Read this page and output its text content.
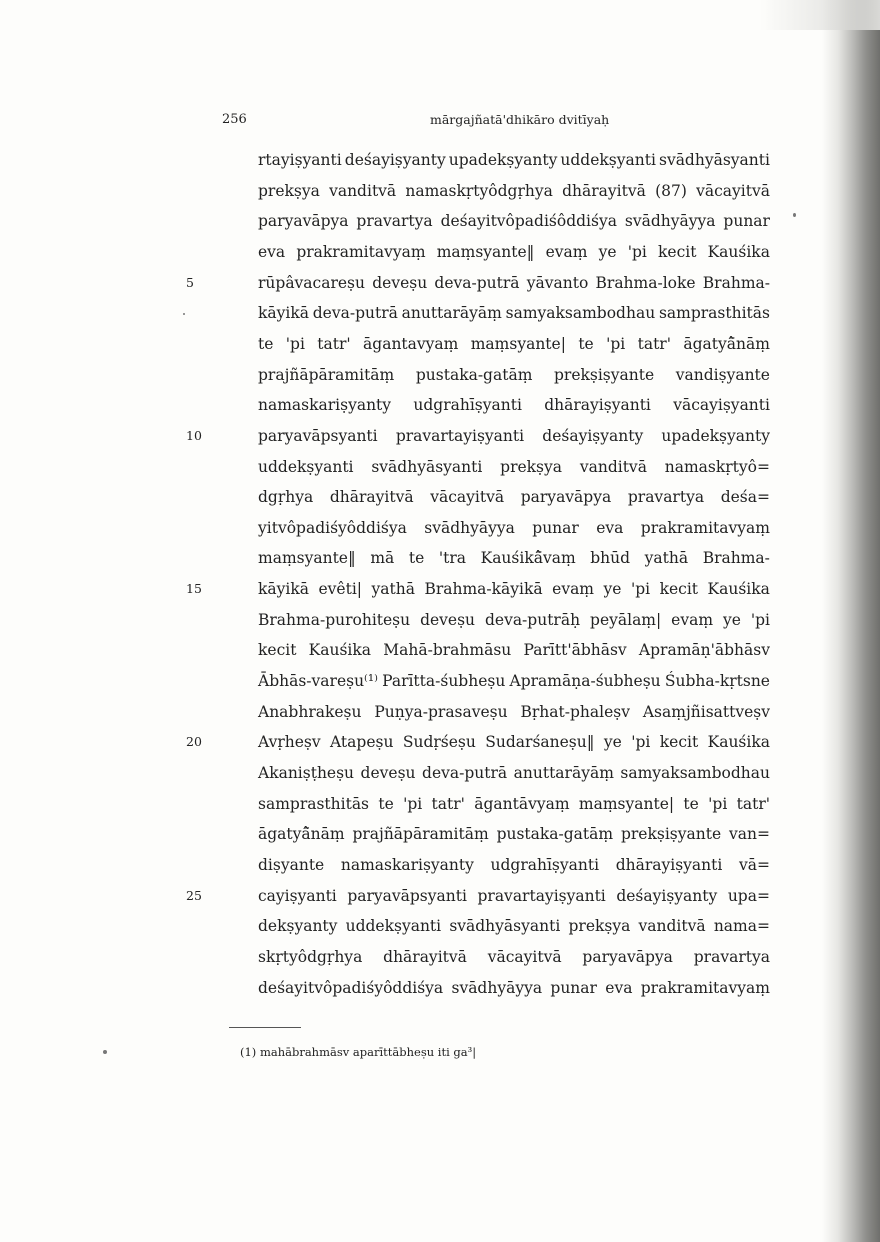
256	mārgajñatā'dhikāro dvitīyaḥ
rtayiṣyanti deśayiṣyanty upadekṣyanty uddekṣyanti svādhyāsyanti
prekṣya vanditvā namaskṛtyôdgṛhya dhārayitvā (87) vācayitvā
paryavāpya pravartya deśayitvôpadiśôddiśya svādhyāyya punar
eva prakramitavyaṃ maṃsyante‖ evaṃ ye 'pi kecit Kauśika
rūpâvacareṣu deveṣu deva-putrā yāvanto Brahma-loke Brahma-
kāyikā deva-putrā anuttarāyāṃ samyaksambodhau samprasthitās
te 'pi tatr' āgantavyaṃ maṃsyante| te 'pi tatr' āgatyâ̄nāṃ
prajñāpāramitāṃ pustaka-gatāṃ prekṣiṣyante vandiṣyante
namaskariṣyanty udgrahīṣyanti dhārayiṣyanti vācayiṣyanti
paryavāpsyanti pravartayiṣyanti deśayiṣyanty upadekṣyanty
uddekṣyanti svādhyāsyanti prekṣya vanditvā namaskṛtyô=
dgṛhya dhārayitvā vācayitvā paryavāpya pravartya deśa=
yitvôpadiśyôddiśya svādhyāyya punar eva prakramitavyaṃ
maṃsyante‖ mā te 'tra Kauśikâ̄vaṃ bhūd yathā Brahma-
kāyikā evêti| yathā Brahma-kāyikā evaṃ ye 'pi kecit Kauśika
Brahma-purohiteṣu deveṣu deva-putrāḥ peyālaṃ| evaṃ ye 'pi
kecit Kauśika Mahā-brahmāsu Parītt'ābhāsv Apramāṇ'ābhāsv
Ābhās-vareṣu⁽¹⁾ Parītta-śubheṣu Apramāṇa-śubheṣu Śubha-kṛtsne
Anabhrakeṣu Puṇya-prasaveṣu Bṛhat-phaleṣv Asaṃjñisattveṣv
Avṛheṣv Atapeṣu Sudṛśeṣu Sudarśaneṣu‖ ye 'pi kecit Kauśika
Akaniṣṭheṣu deveṣu deva-putrā anuttarāyāṃ samyaksambodhau
samprasthitās te 'pi tatr' āgantāvyaṃ maṃsyante| te 'pi tatr'
āgatyâ̄nāṃ prajñāpāramitāṃ pustaka-gatāṃ prekṣiṣyante van=
diṣyante namaskariṣyanty udgrahīṣyanti dhārayiṣyanti vā=
cayiṣyanti paryavāpsyanti pravartayiṣyanti deśayiṣyanty upa=
dekṣyanty uddekṣyanti svādhyāsyanti prekṣya vanditvā nama=
skṛtyôdgṛhya dhārayitvā vācayitvā paryavāpya pravartya
deśayitvôpadiśyôddiśya svādhyāyya punar eva prakramitavyaṃ
5
10
15
20
25
(1) mahābrahmāsv aparīttābheṣu iti ga³|
